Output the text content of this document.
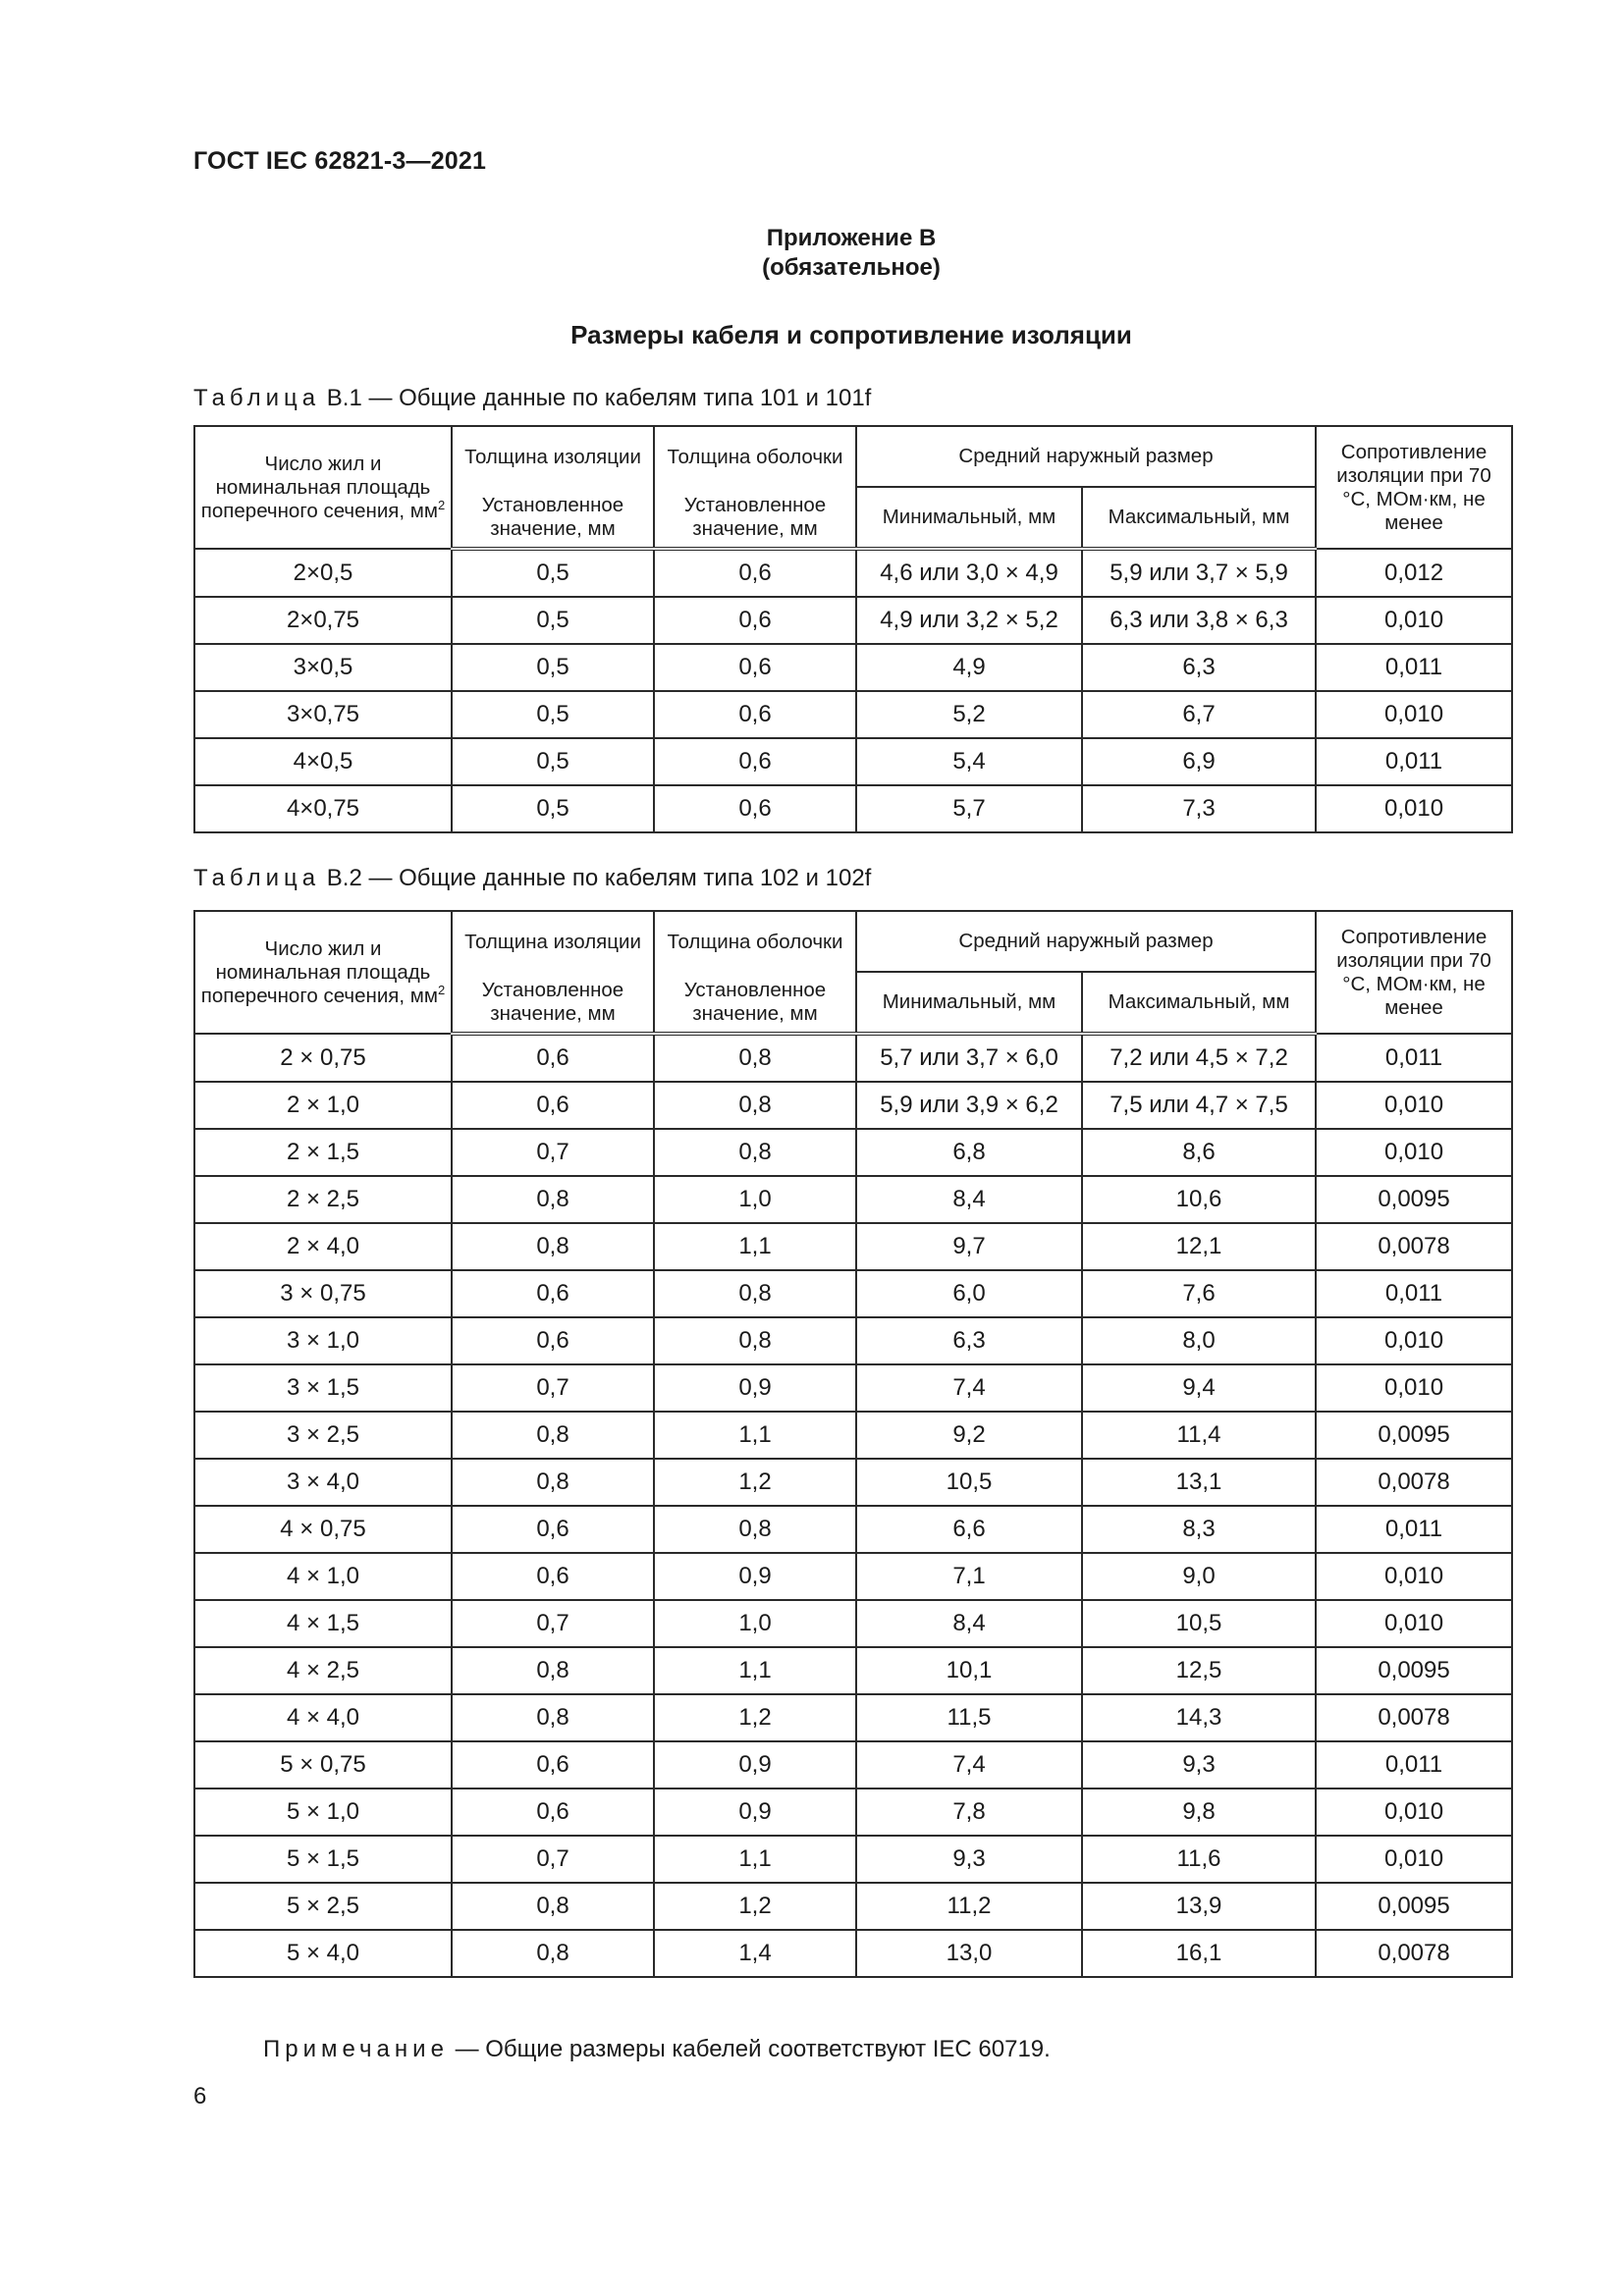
ГОСТ IEC 62821-3—2021
Приложение В
(обязательное)
Размеры кабеля и сопротивление изоляции
Таблица В.1 — Общие данные по кабелям типа 101 и 101f
Число жил и номинальная площадь поперечного сечения, $мм^2$	Толщина изоляции	Толщина оболочки	Средний наружный размер		Сопротивление изоляции при 70 °C, МОм·км, не менее
	Установленное значение, мм	Установленное значение, мм	Минимальный, мм	Максимальный, мм	
2×0,5	0,5	0,6	4,6 или 3,0 × 4,9	5,9 или 3,7 × 5,9	0,012
2×0,75	0,5	0,6	4,9 или 3,2 × 5,2	6,3 или 3,8 × 6,3	0,010
3×0,5	0,5	0,6	4,9	6,3	0,011
3×0,75	0,5	0,6	5,2	6,7	0,010
4×0,5	0,5	0,6	5,4	6,9	0,011
4×0,75	0,5	0,6	5,7	7,3	0,010
Таблица В.2 — Общие данные по кабелям типа 102 и 102f
Число жил и номинальная площадь поперечного сечения, $мм^2$	Толщина изоляции	Толщина оболочки	Средний наружный размер		Сопротивление изоляции при 70 °C, МОм·км, не менее
	Установленное значение, мм	Установленное значение, мм	Минимальный, мм	Максимальный, мм	
2 × 0,75	0,6	0,8	5,7 или 3,7 × 6,0	7,2 или 4,5 × 7,2	0,011
2 × 1,0	0,6	0,8	5,9 или 3,9 × 6,2	7,5 или 4,7 × 7,5	0,010
2 × 1,5	0,7	0,8	6,8	8,6	0,010
2 × 2,5	0,8	1,0	8,4	10,6	0,0095
2 × 4,0	0,8	1,1	9,7	12,1	0,0078
3 × 0,75	0,6	0,8	6,0	7,6	0,011
3 × 1,0	0,6	0,8	6,3	8,0	0,010
3 × 1,5	0,7	0,9	7,4	9,4	0,010
3 × 2,5	0,8	1,1	9,2	11,4	0,0095
3 × 4,0	0,8	1,2	10,5	13,1	0,0078
4 × 0,75	0,6	0,8	6,6	8,3	0,011
4 × 1,0	0,6	0,9	7,1	9,0	0,010
4 × 1,5	0,7	1,0	8,4	10,5	0,010
4 × 2,5	0,8	1,1	10,1	12,5	0,0095
4 × 4,0	0,8	1,2	11,5	14,3	0,0078
5 × 0,75	0,6	0,9	7,4	9,3	0,011
5 × 1,0	0,6	0,9	7,8	9,8	0,010
5 × 1,5	0,7	1,1	9,3	11,6	0,010
5 × 2,5	0,8	1,2	11,2	13,9	0,0095
5 × 4,0	0,8	1,4	13,0	16,1	0,0078
Примечание — Общие размеры кабелей соответствуют IEC 60719.
6
